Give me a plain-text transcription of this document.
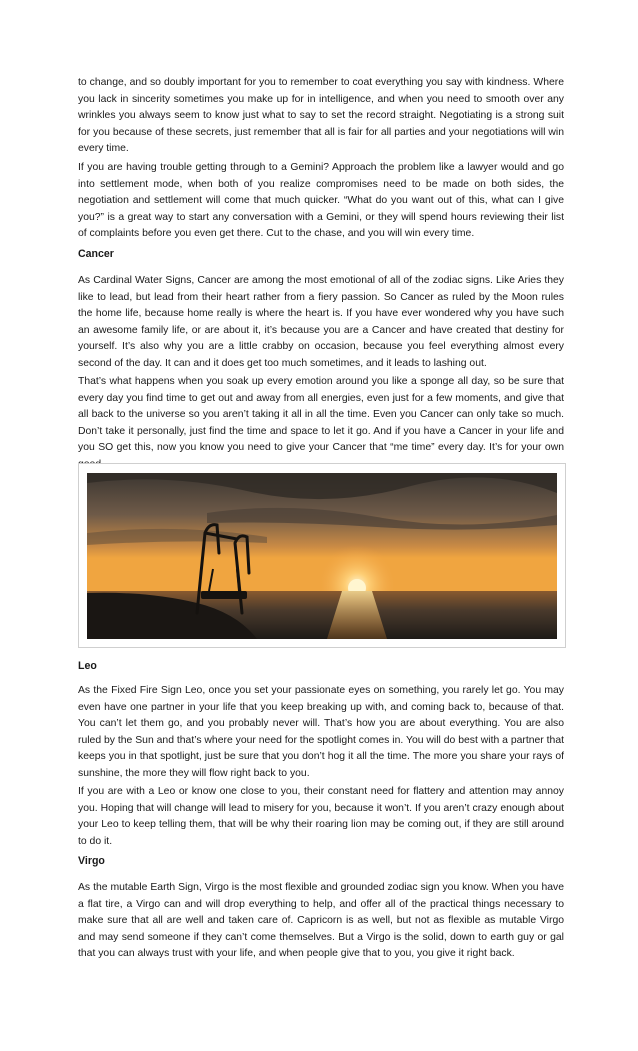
to change, and so doubly important for you to remember to coat everything you say with kindness. Where you lack in sincerity sometimes you make up for in intelligence, and when you need to smooth over any wrinkles you always seem to know just what to say to set the record straight. Negotiating is a strong suit for you because of these secrets, just remember that all is fair for all parties and your negotiations will win every time.

If you are having trouble getting through to a Gemini? Approach the problem like a lawyer would and go into settlement mode, when both of you realize compromises need to be made on both sides, the negotiation and settlement will come that much quicker. “What do you want out of this, what can I give you?” is a great way to start any conversation with a Gemini, or they will spend hours reviewing their list of complaints before you even get there. Cut to the chase, and you will win every time.

Cancer

As Cardinal Water Signs, Cancer are among the most emotional of all of the zodiac signs. Like Aries they like to lead, but lead from their heart rather from a fiery passion. So Cancer as ruled by the Moon rules the home life, because home really is where the heart is. If you have ever wondered why you have such an awesome family life, or are about it, it’s because you are a Cancer and have created that destiny for yourself. It’s also why you are a little crabby on occasion, because you feel everything almost every second of the day. It can and it does get too much sometimes, and it leads to lashing out.

That’s what happens when you soak up every emotion around you like a sponge all day, so be sure that every day you find time to get out and away from all energies, even just for a few moments, and give that all back to the universe so you aren’t taking it all in all the time. Even you Cancer can only take so much. Don’t take it personally, just find the time and space to let it go. And if you have a Cancer in your life and you SO get this, now you know you need to give your Cancer that “me time” every day. It’s for your own

Leo

As the Fixed Fire Sign Leo, once you set your passionate eyes on something, you rarely let go. You may even have one partner in your life that you keep breaking up with, and coming back to, because of that. You can’t let them go, and you probably never will. That’s how you are about everything. You are also ruled by the Sun and that’s where your need for the spotlight comes in. You will do best with a partner that keeps you in that spotlight, just be sure that you don’t hog it all the time. The more you share your rays of sunshine, the more they will flow right back to you.

If you are with a Leo or know one close to you, their constant need for flattery and attention may annoy you. Hoping that will change will lead to misery for you, because it won’t. If you aren’t crazy enough about your Leo to keep telling them, that will be why their roaring lion may be coming out, if they are still around to do it.

Virgo

As the mutable Earth Sign, Virgo is the most flexible and grounded zodiac sign you know. When you have a flat tire, a Virgo can and will drop everything to help, and offer all of the practical things necessary to make sure that all are well and taken care of. Capricorn is as well, but not as flexible as mutable Virgo and may send someone if they can’t come themselves. But a Virgo is the solid, down to earth guy or gal that you can always trust with your life, and when people give that to you, you give it right back.
